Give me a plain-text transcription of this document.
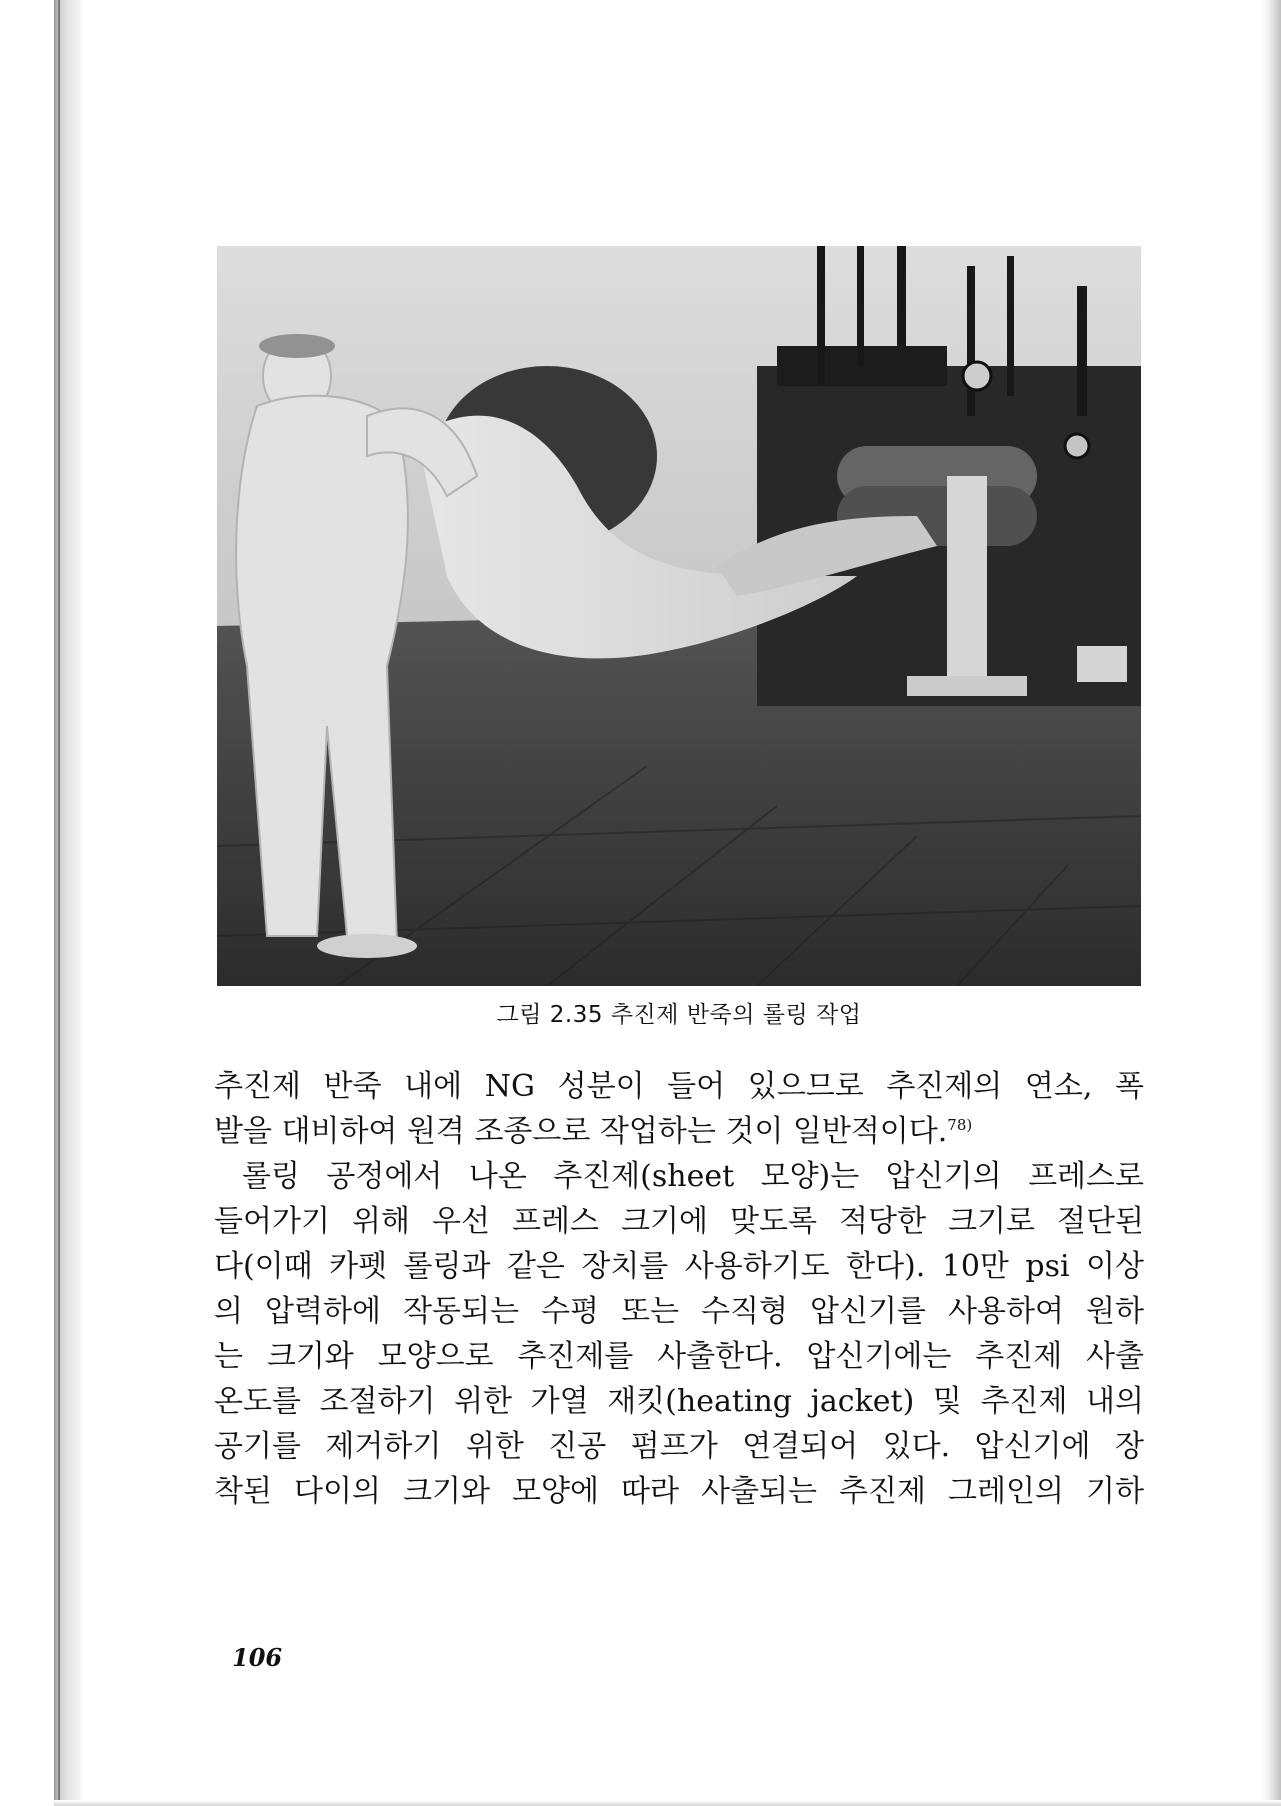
그림 2.35 추진제 반죽의 롤링 작업
추진제 반죽 내에 NG 성분이 들어 있으므로 추진제의 연소, 폭
발을 대비하여 원격 조종으로 작업하는 것이 일반적이다.$^{78)}$
롤링 공정에서 나온 추진제(sheet 모양)는 압신기의 프레스로
들어가기 위해 우선 프레스 크기에 맞도록 적당한 크기로 절단된
다(이때 카펫 롤링과 같은 장치를 사용하기도 한다). 10만 psi 이상
의 압력하에 작동되는 수평 또는 수직형 압신기를 사용하여 원하
는 크기와 모양으로 추진제를 사출한다. 압신기에는 추진제 사출
온도를 조절하기 위한 가열 재킷(heating jacket) 및 추진제 내의
공기를 제거하기 위한 진공 펌프가 연결되어 있다. 압신기에 장
착된 다이의 크기와 모양에 따라 사출되는 추진제 그레인의 기하
106
